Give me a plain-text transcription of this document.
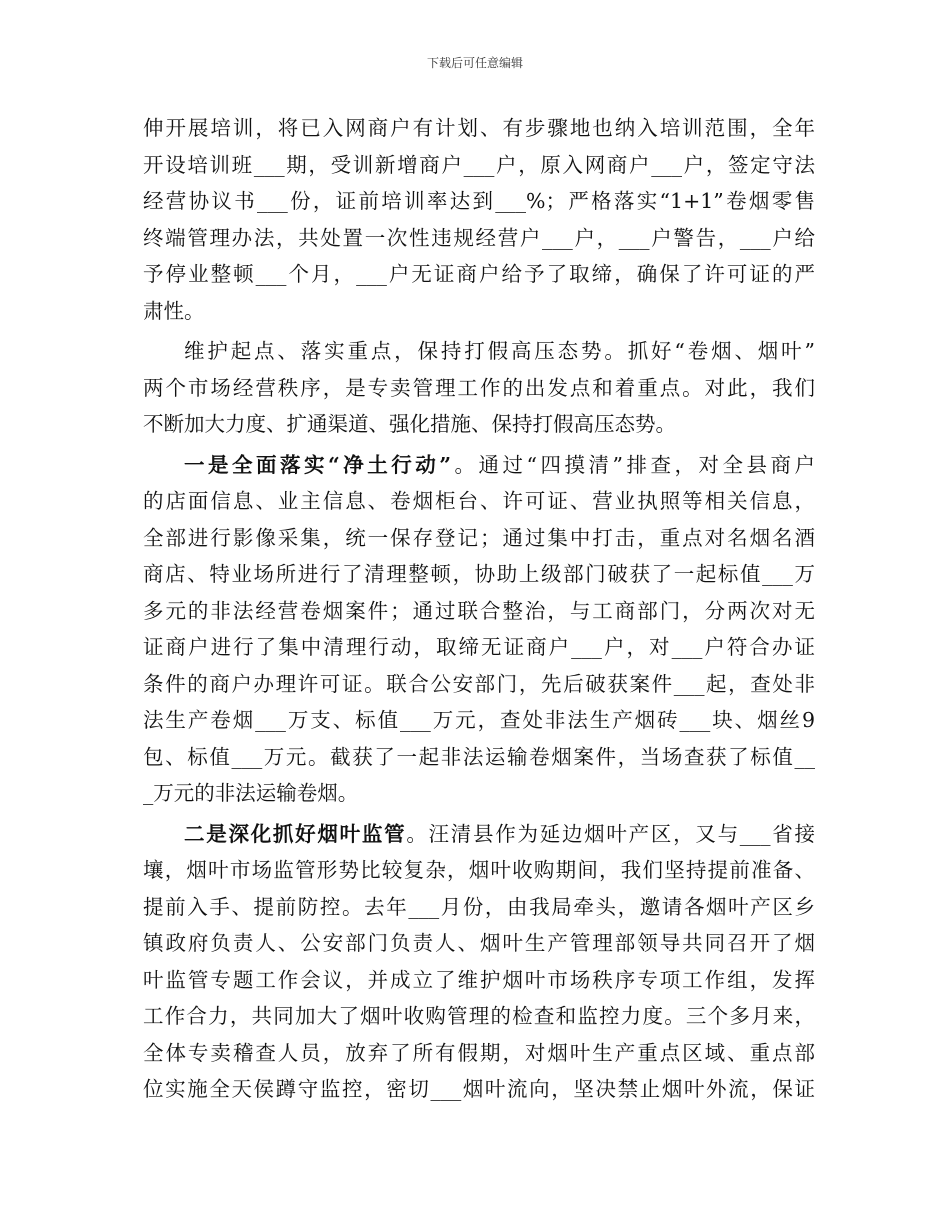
下载后可任意编辑
伸开展培训，将已入网商户有计划、有步骤地也纳入培训范围，全年
开设培训班___期，受训新增商户___户，原入网商户___户，签定守法
经营协议书___份，证前培训率达到___%；严格落实“1+1”卷烟零售
终端管理办法，共处置一次性违规经营户___户，___户警告，___户给
予停业整顿___个月，___户无证商户给予了取缔，确保了许可证的严
肃性。
维护起点、落实重点，保持打假高压态势。抓好“卷烟、烟叶”
两个市场经营秩序，是专卖管理工作的出发点和着重点。对此，我们
不断加大力度、扩通渠道、强化措施、保持打假高压态势。
一是全面落实“净土行动”。通过“四摸清”排查，对全县商户
的店面信息、业主信息、卷烟柜台、许可证、营业执照等相关信息，
全部进行影像采集，统一保存登记；通过集中打击，重点对名烟名酒
商店、特业场所进行了清理整顿，协助上级部门破获了一起标值___万
多元的非法经营卷烟案件；通过联合整治，与工商部门，分两次对无
证商户进行了集中清理行动，取缔无证商户___户，对___户符合办证
条件的商户办理许可证。联合公安部门，先后破获案件___起，查处非
法生产卷烟___万支、标值___万元，查处非法生产烟砖___块、烟丝9
包、标值___万元。截获了一起非法运输卷烟案件，当场查获了标值__
_万元的非法运输卷烟。
二是深化抓好烟叶监管。汪清县作为延边烟叶产区，又与___省接
壤，烟叶市场监管形势比较复杂，烟叶收购期间，我们坚持提前准备、
提前入手、提前防控。去年___月份，由我局牵头，邀请各烟叶产区乡
镇政府负责人、公安部门负责人、烟叶生产管理部领导共同召开了烟
叶监管专题工作会议，并成立了维护烟叶市场秩序专项工作组，发挥
工作合力，共同加大了烟叶收购管理的检查和监控力度。三个多月来，
全体专卖稽查人员，放弃了所有假期，对烟叶生产重点区域、重点部
位实施全天侯蹲守监控，密切___烟叶流向，坚决禁止烟叶外流，保证
